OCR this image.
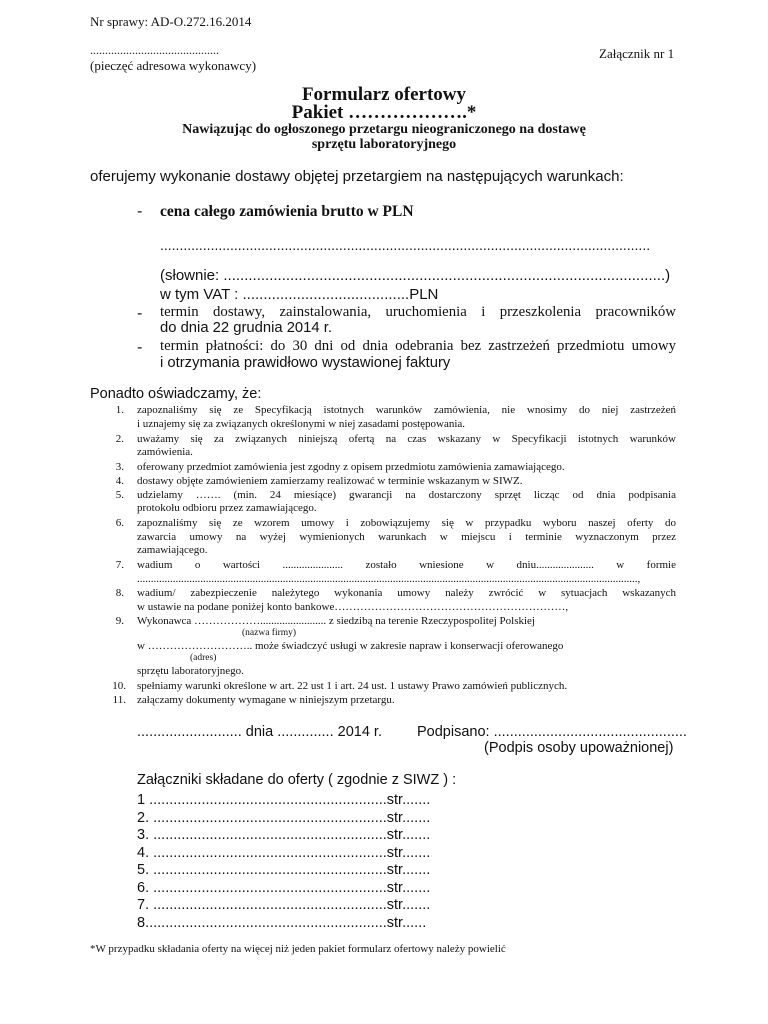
Nr sprawy: AD-O.272.16.2014
...........................................
(pieczęć adresowa wykonawcy)
Załącznik nr 1
Formularz ofertowy
Pakiet ……………….*
Nawiązując do ogłoszonego przetargu nieograniczonego na dostawę
sprzętu laboratoryjnego
oferujemy wykonanie dostawy objętej przetargiem na następujących warunkach:
- cena całego zamówienia brutto w PLN
..............................................................................................................................
(słownie: ..........................................................................................................)
w tym VAT : ........................................PLN
- termin dostawy, zainstalowania, uruchomienia i przeszkolenia pracowników
do dnia 22 grudnia 2014 r.
- termin płatności: do 30 dni od dnia odebrania bez zastrzeżeń przedmiotu umowy
i otrzymania prawidłowo wystawionej faktury
Ponadto oświadczamy, że:
1. zapoznaliśmy się ze Specyfikacją istotnych warunków zamówienia, nie wnosimy do niej zastrzeżeń
i uznajemy się za związanych określonymi w niej zasadami postępowania.
2. uważamy się za związanych niniejszą ofertą na czas wskazany w Specyfikacji istotnych warunków
zamówienia.
3. oferowany przedmiot zamówienia jest zgodny z opisem przedmiotu zamówienia zamawiającego.
4. dostawy objęte zamówieniem zamierzamy realizować w terminie wskazanym w SIWZ.
5. udzielamy ……. (min. 24 miesiące) gwarancji na dostarczony sprzęt licząc od dnia podpisania
protokołu odbioru przez zamawiającego.
6. zapoznaliśmy się ze wzorem umowy i zobowiązujemy się w przypadku wyboru naszej oferty do
zawarcia umowy na wyżej wymienionych warunkach w miejscu i terminie wyznaczonym przez
zamawiającego.
7. wadium o wartości ...................... zostało wniesione w dniu..................... w formie
......................................................................................................................................................................................,
8. wadium/ zabezpieczenie należytego wykonania umowy należy zwrócić w sytuacjach wskazanych
w ustawie na podane poniżej konto bankowe………………………………………………………,
9. Wykonawca ………………........................ z siedzibą na terenie Rzeczypospolitej Polskiej
(nazwa firmy)
w ……………………….. może świadczyć usługi w zakresie napraw i konserwacji oferowanego
(adres)
sprzętu laboratoryjnego.
10. spełniamy warunki określone w art. 22 ust 1 i art. 24 ust. 1 ustawy Prawo zamówień publicznych.
11. załączamy dokumenty wymagane w niniejszym przetargu.
.......................... dnia .............. 2014 r. Podpisano: ................................................
(Podpis osoby upoważnionej)
Załączniki składane do oferty ( zgodnie z SIWZ ) :
1 ...........................................................str.......
2. ..........................................................str.......
3. ..........................................................str.......
4. ..........................................................str.......
5. ..........................................................str.......
6. ..........................................................str.......
7. ..........................................................str.......
8............................................................str......
*W przypadku składania oferty na więcej niż jeden pakiet formularz ofertowy należy powielić
